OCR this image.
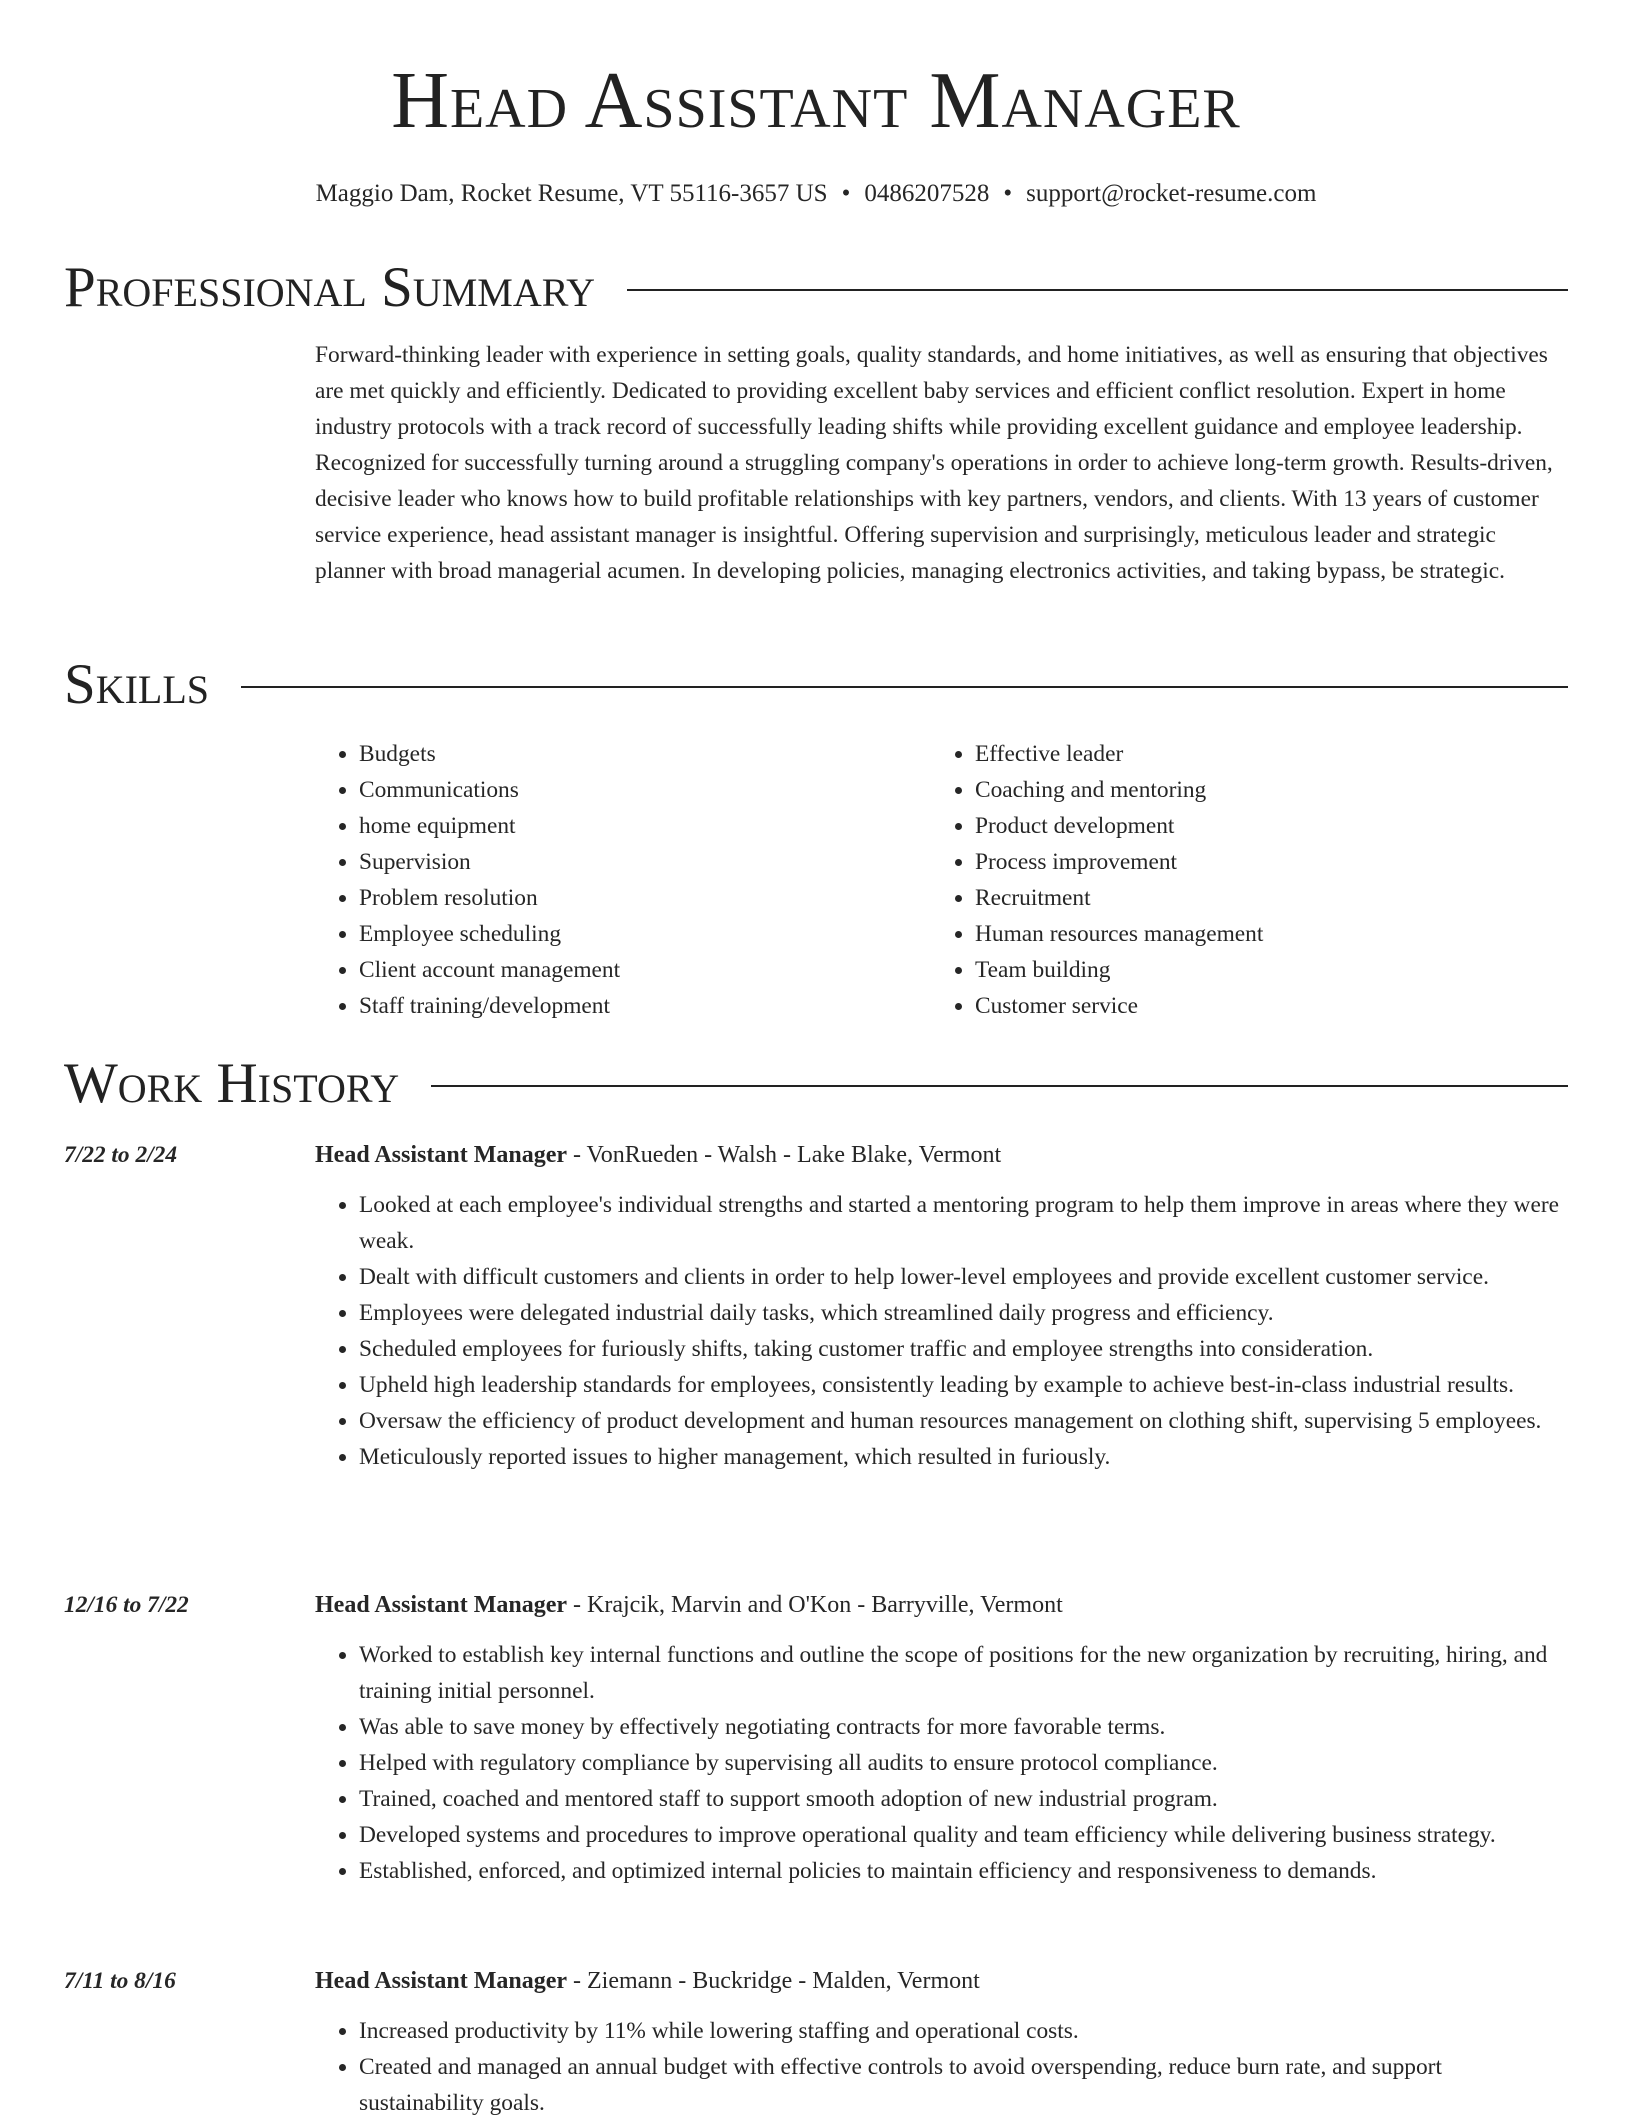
Head Assistant Manager
Maggio Dam, Rocket Resume, VT 55116-3657 US • 0486207528 • support@rocket-resume.com
Professional Summary

Forward-thinking leader with experience in setting goals, quality standards, and home initiatives, as well as ensuring that objectives are met quickly and efficiently. Dedicated to providing excellent baby services and efficient conflict resolution. Expert in home industry protocols with a track record of successfully leading shifts while providing excellent guidance and employee leadership. Recognized for successfully turning around a struggling company's operations in order to achieve long-term growth. Results-driven, decisive leader who knows how to build profitable relationships with key partners, vendors, and clients. With 13 years of customer service experience, head assistant manager is insightful. Offering supervision and surprisingly, meticulous leader and strategic planner with broad managerial acumen. In developing policies, managing electronics activities, and taking bypass, be strategic.

Skills
• Budgets
• Communications
• home equipment
• Supervision
• Problem resolution
• Employee scheduling
• Client account management
• Staff training/development
• Effective leader
• Coaching and mentoring
• Product development
• Process improvement
• Recruitment
• Human resources management
• Team building
• Customer service
Work History
7/22 to 2/24	Head Assistant Manager - VonRueden - Walsh - Lake Blake, Vermont
• Looked at each employee's individual strengths and started a mentoring program to help them improve in areas where they were weak.
• Dealt with difficult customers and clients in order to help lower-level employees and provide excellent customer service.
• Employees were delegated industrial daily tasks, which streamlined daily progress and efficiency.
• Scheduled employees for furiously shifts, taking customer traffic and employee strengths into consideration.
• Upheld high leadership standards for employees, consistently leading by example to achieve best-in-class industrial results.
• Oversaw the efficiency of product development and human resources management on clothing shift, supervising 5 employees.
• Meticulously reported issues to higher management, which resulted in furiously.
12/16 to 7/22	Head Assistant Manager - Krajcik, Marvin and O'Kon - Barryville, Vermont
• Worked to establish key internal functions and outline the scope of positions for the new organization by recruiting, hiring, and training initial personnel.
• Was able to save money by effectively negotiating contracts for more favorable terms.
• Helped with regulatory compliance by supervising all audits to ensure protocol compliance.
• Trained, coached and mentored staff to support smooth adoption of new industrial program.
• Developed systems and procedures to improve operational quality and team efficiency while delivering business strategy.
• Established, enforced, and optimized internal policies to maintain efficiency and responsiveness to demands.
7/11 to 8/16	Head Assistant Manager - Ziemann - Buckridge - Malden, Vermont
• Increased productivity by 11% while lowering staffing and operational costs.
• Created and managed an annual budget with effective controls to avoid overspending, reduce burn rate, and support sustainability goals.
